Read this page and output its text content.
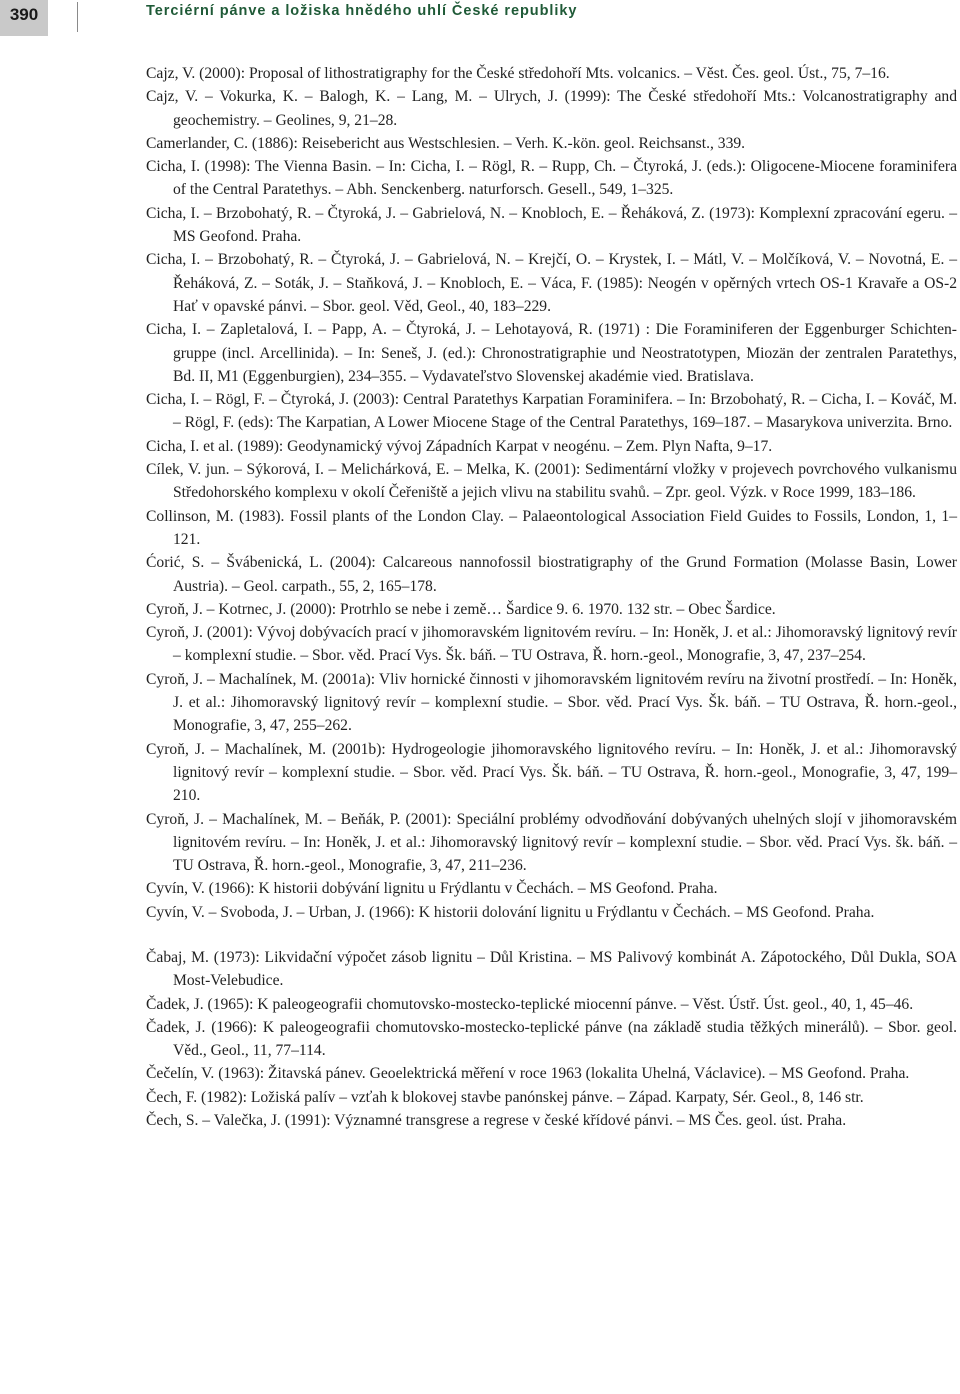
390	Terciérní pánve a ložiska hnědého uhlí České republiky

Cajz, V. (2000): Proposal of lithostratigraphy for the České středohoří Mts. volcanics. – Věst. Čes. geol. Úst., 75, 7–16.

Cajz, V. – Vokurka, K. – Balogh, K. – Lang, M. – Ulrych, J. (1999): The České středohoří Mts.: Volcanostratigraphy and geochemistry. – Geolines, 9, 21–28.

Camerlander, C. (1886): Reisebericht aus Westschlesien. – Verh. K.-kön. geol. Reichsanst., 339.

Cicha, I. (1998): The Vienna Basin. – In: Cicha, I. – Rögl, R. – Rupp, Ch. – Čtyroká, J. (eds.): Oligocene-Miocene foraminifera of the Central Paratethys. – Abh. Senckenberg. naturforsch. Gesell., 549, 1–325.

Cicha, I. – Brzobohatý, R. – Čtyroká, J. – Gabrielová, N. – Knobloch, E. – Řeháková, Z. (1973): Komplexní zpracování egeru. – MS Geofond. Praha.

Cicha, I. – Brzobohatý, R. – Čtyroká, J. – Gabrielová, N. – Krejčí, O. – Krystek, I. – Mátl, V. – Molčíková, V. – Novotná, E. – Řeháková, Z. – Soták, J. – Staňková, J. – Knobloch, E. – Váca, F. (1985): Neogén v opěrných vrtech OS-1 Kravaře a OS-2 Hať v opavské pánvi. – Sbor. geol. Věd, Geol., 40, 183–229.

Cicha, I. – Zapletalová, I. – Papp, A. – Čtyroká, J. – Lehotayová, R. (1971) : Die Foraminiferen der Eggenburger Schichten-gruppe (incl. Arcellinida). – In: Seneš, J. (ed.): Chronostratigraphie und Neostratotypen, Miozän der zentralen Paratethys, Bd. II, M1 (Eggenburgien), 234–355. – Vydavateľstvo Slovenskej akadémie vied. Bratislava.

Cicha, I. – Rögl, F. – Čtyroká, J. (2003): Central Paratethys Karpatian Foraminifera. – In: Brzobohatý, R. – Cicha, I. – Kováč, M. – Rögl, F. (eds): The Karpatian, A Lower Miocene Stage of the Central Paratethys, 169–187. – Masarykova univerzita. Brno.

Cicha, I. et al. (1989): Geodynamický vývoj Západních Karpat v neogénu. – Zem. Plyn Nafta, 9–17.

Cílek, V. jun. – Sýkorová, I. – Melichárková, E. – Melka, K. (2001): Sedimentární vložky v projevech povrchového vulkanismu Středohorského komplexu v okolí Čeřeniště a jejich vlivu na stabilitu svahů. – Zpr. geol. Výzk. v Roce 1999, 183–186.

Collinson, M. (1983). Fossil plants of the London Clay. – Palaeontological Association Field Guides to Fossils, London, 1, 1–121.

Ćorić, S. – Švábenická, L. (2004): Calcareous nannofossil biostratigraphy of the Grund Formation (Molasse Basin, Lower Austria). – Geol. carpath., 55, 2, 165–178.

Cyroň, J. – Kotrnec, J. (2000): Protrhlo se nebe i země… Šardice 9. 6. 1970. 132 str. – Obec Šardice.

Cyroň, J. (2001): Vývoj dobývacích prací v jihomoravském lignitovém revíru. – In: Honěk, J. et al.: Jihomoravský lignitový revír – komplexní studie. – Sbor. věd. Prací Vys. Šk. báň. – TU Ostrava, Ř. horn.-geol., Monografie, 3, 47, 237–254.

Cyroň, J. – Machalínek, M. (2001a): Vliv hornické činnosti v jihomoravském lignitovém revíru na životní prostředí. – In: Honěk, J. et al.: Jihomoravský lignitový revír – komplexní studie. – Sbor. věd. Prací Vys. Šk. báň. – TU Ostrava, Ř. horn.-geol., Monografie, 3, 47, 255–262.

Cyroň, J. – Machalínek, M. (2001b): Hydrogeologie jihomoravského lignitového revíru. – In: Honěk, J. et al.: Jihomoravský lignitový revír – komplexní studie. – Sbor. věd. Prací Vys. Šk. báň. – TU Ostrava, Ř. horn.-geol., Monografie, 3, 47, 199–210.

Cyroň, J. – Machalínek, M. – Beňák, P. (2001): Speciální problémy odvodňování dobývaných uhelných slojí v jihomoravském lignitovém revíru. – In: Honěk, J. et al.: Jihomoravský lignitový revír – komplexní studie. – Sbor. věd. Prací Vys. šk. báň. – TU Ostrava, Ř. horn.-geol., Monografie, 3, 47, 211–236.

Cyvín, V. (1966): K historii dobývání lignitu u Frýdlantu v Čechách. – MS Geofond. Praha.

Cyvín, V. – Svoboda, J. – Urban, J. (1966): K historii dolování lignitu u Frýdlantu v Čechách. – MS Geofond. Praha.

Čabaj, M. (1973): Likvidační výpočet zásob lignitu – Důl Kristina. – MS Palivový kombinát A. Zápotockého, Důl Dukla, SOA Most-Velebudice.

Čadek, J. (1965): K paleogeografii chomutovsko-mostecko-teplické miocenní pánve. – Věst. Ústř. Úst. geol., 40, 1, 45–46.

Čadek, J. (1966): K paleogeografii chomutovsko-mostecko-teplické pánve (na základě studia těžkých minerálů). – Sbor. geol. Věd., Geol., 11, 77–114.

Čečelín, V. (1963): Žitavská pánev. Geoelektrická měření v roce 1963 (lokalita Uhelná, Václavice). – MS Geofond. Praha.

Čech, F. (1982): Ložiská palív – vzťah k blokovej stavbe panónskej pánve. – Západ. Karpaty, Sér. Geol., 8, 146 str.

Čech, S. – Valečka, J. (1991): Významné transgrese a regrese v české křídové pánvi. – MS Čes. geol. úst. Praha.
